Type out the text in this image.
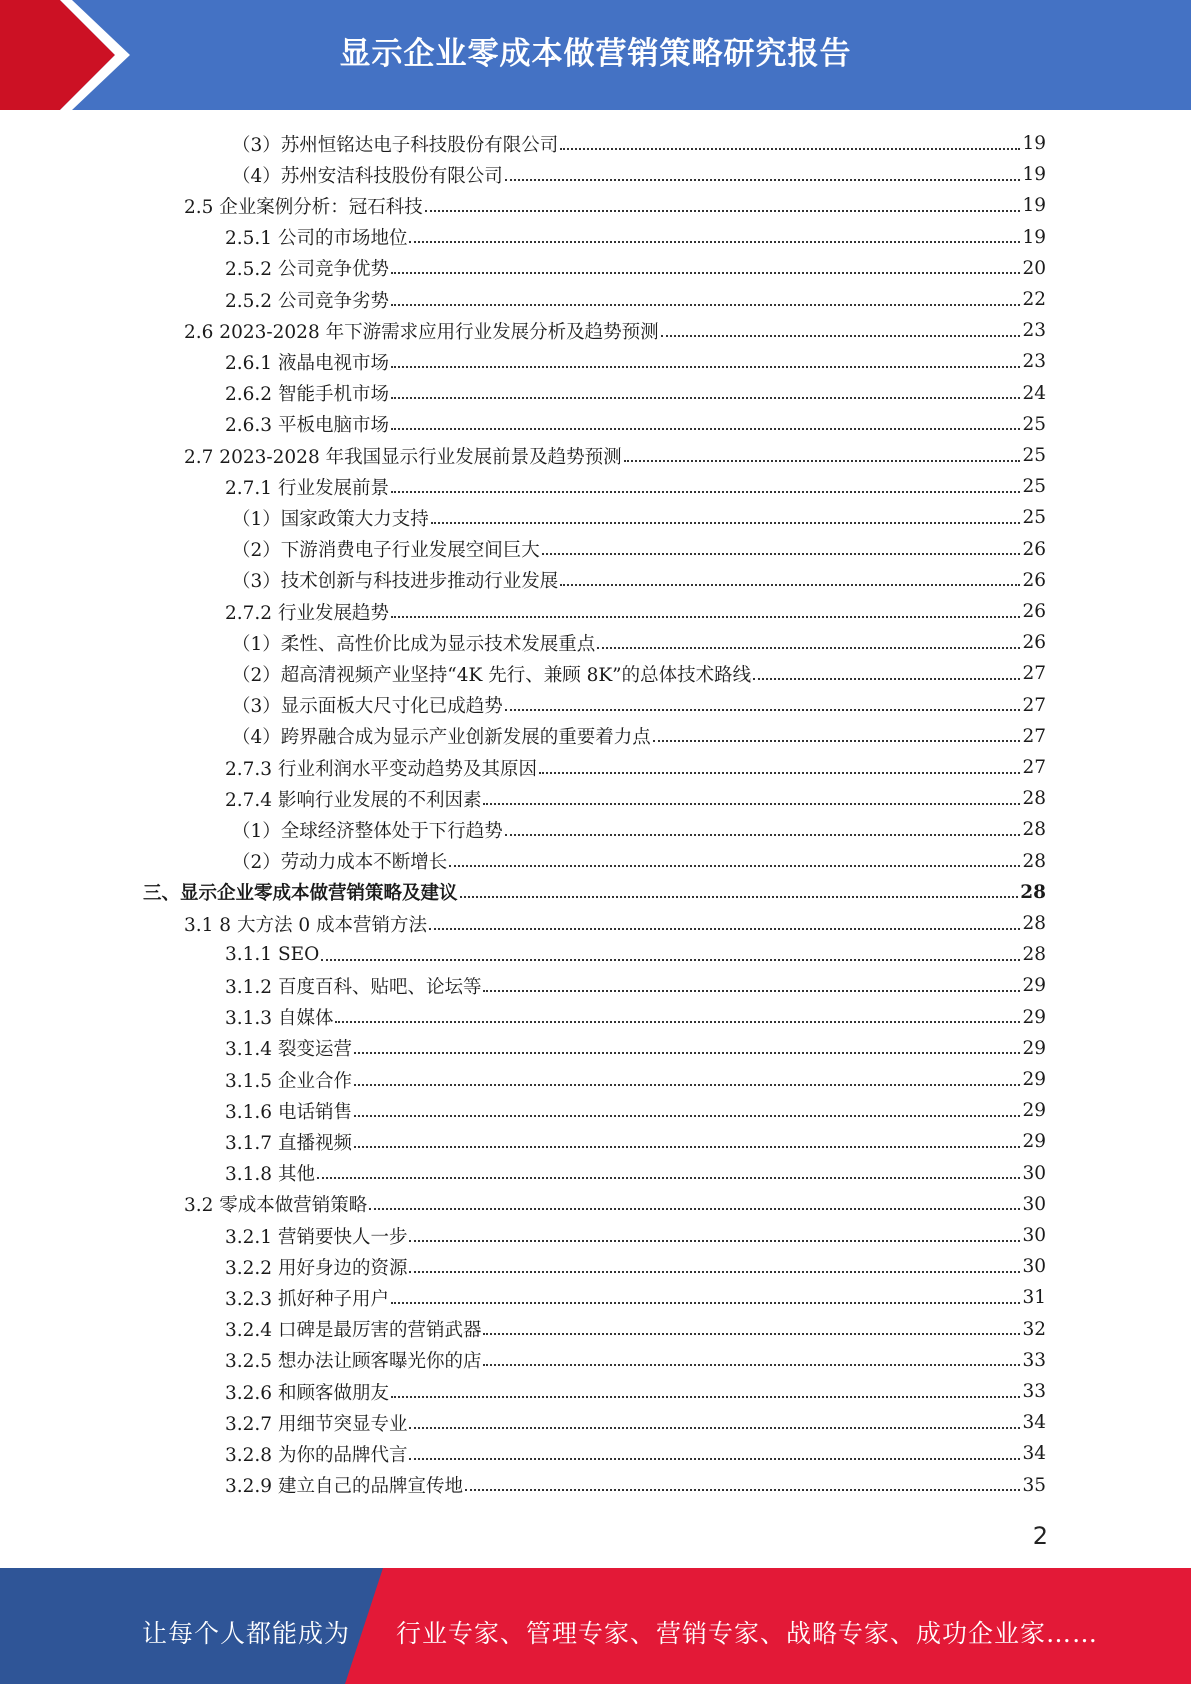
显示企业零成本做营销策略研究报告
（3）苏州恒铭达电子科技股份有限公司	19
（4）苏州安洁科技股份有限公司	19
2.5 企业案例分析：冠石科技	19
2.5.1 公司的市场地位	19
2.5.2 公司竞争优势	20
2.5.2 公司竞争劣势	22
2.6 2023-2028 年下游需求应用行业发展分析及趋势预测	23
2.6.1 液晶电视市场	23
2.6.2 智能手机市场	24
2.6.3 平板电脑市场	25
2.7 2023-2028 年我国显示行业发展前景及趋势预测	25
2.7.1 行业发展前景	25
（1）国家政策大力支持	25
（2）下游消费电子行业发展空间巨大	26
（3）技术创新与科技进步推动行业发展	26
2.7.2 行业发展趋势	26
（1）柔性、高性价比成为显示技术发展重点	26
（2）超高清视频产业坚持“4K 先行、兼顾 8K”的总体技术路线	27
（3）显示面板大尺寸化已成趋势	27
（4）跨界融合成为显示产业创新发展的重要着力点	27
2.7.3 行业利润水平变动趋势及其原因	27
2.7.4 影响行业发展的不利因素	28
（1）全球经济整体处于下行趋势	28
（2）劳动力成本不断增长	28
三、显示企业零成本做营销策略及建议	28
3.1 8 大方法 0 成本营销方法	28
3.1.1 SEO	28
3.1.2 百度百科、贴吧、论坛等	29
3.1.3 自媒体	29
3.1.4 裂变运营	29
3.1.5 企业合作	29
3.1.6 电话销售	29
3.1.7 直播视频	29
3.1.8 其他	30
3.2 零成本做营销策略	30
3.2.1 营销要快人一步	30
3.2.2 用好身边的资源	30
3.2.3 抓好种子用户	31
3.2.4 口碑是最厉害的营销武器	32
3.2.5 想办法让顾客曝光你的店	33
3.2.6 和顾客做朋友	33
3.2.7 用细节突显专业	34
3.2.8 为你的品牌代言	34
3.2.9 建立自己的品牌宣传地	35
2
让每个人都能成为 行业专家、管理专家、营销专家、战略专家、成功企业家……
